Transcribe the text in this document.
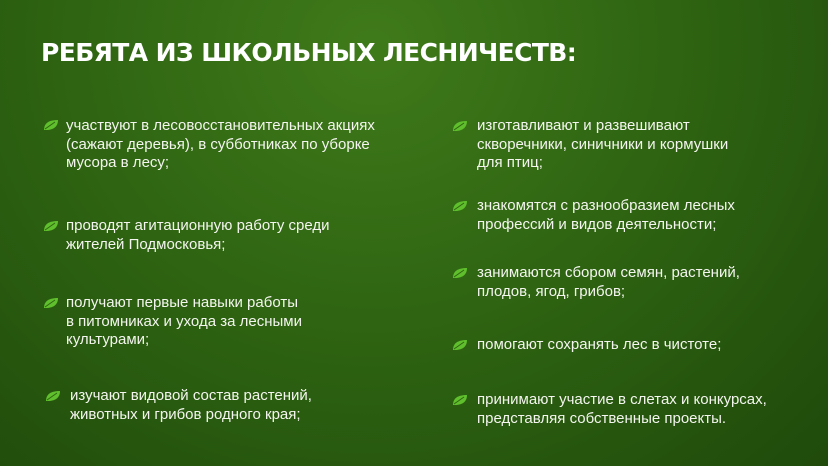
РЕБЯТА ИЗ ШКОЛЬНЫХ ЛЕСНИЧЕСТВ:
участвуют в лесовосстановительных акциях
(сажают деревья), в субботниках по уборке
мусора в лесу;
проводят агитационную работу среди
жителей Подмосковья;
получают первые навыки работы
в питомниках и ухода за лесными
культурами;
изучают видовой состав растений,
животных и грибов родного края;
изготавливают и развешивают
скворечники, синичники и кормушки
для птиц;
знакомятся с разнообразием лесных
профессий и видов деятельности;
занимаются сбором семян, растений,
плодов, ягод, грибов;
помогают сохранять лес в чистоте;
принимают участие в слетах и конкурсах,
представляя собственные проекты.
